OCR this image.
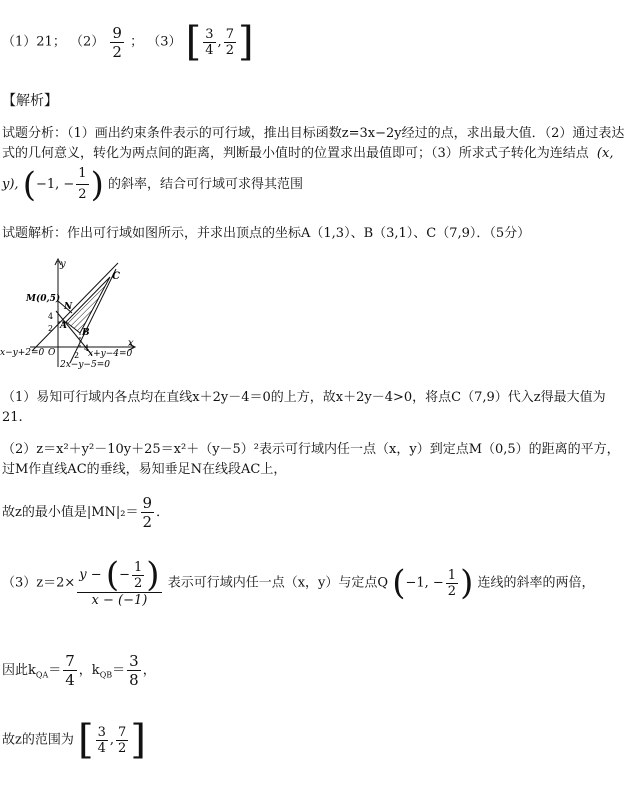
（1）21； $(2) \frac{9}{2}$ ； （3） [ $\frac{3}{4}$ , $\frac{7}{2}$ ]
【解析】
试题分析：（1）画出约束条件表示的可行域，推出目标函数z=3x−2y经过的点，求出最大值．（2）通过表达式的几何意义，转化为两点间的距离，判断最小值时的位置求出最值即可；（3）所求式子转化为连结点 (x, y), (−1, − $\frac{1}{2}$ ) 的斜率，结合可行域可求得其范围
试题解析：作出可行域如图所示，并求出顶点的坐标A（1,3）、B（3,1）、C（7,9）．（5分）
y
x
C
M(0,5)
N
A
B
O
4
2
2
4
x−y+2=0	x+y−4=0
2x−y−5=0
（1）易知可行域内各点均在直线x＋2y－4＝0的上方，故x＋2y－4>0，将点C（7,9）代入z得最大值为21.
（2）z＝x²＋y²－10y＋25＝x²＋（y－5）²表示可行域内任一点（x，y）到定点M（0,5）的距离的平方，过M作直线AC的垂线，易知垂足N在线段AC上，
故z的最小值是$|MN|_2= \frac{9}{2}$ ．
$(3)z=2\times \frac{y - (- \frac{1}{2} )}{x - (-1)}$ 表示可行域内任一点（x，y）与定点Q (−1, − $\frac{1}{2}$ ) 连线的斜率的两倍，
因此$k_{QA}= \frac{7}{4}$ ，$k_{QB}= \frac{3}{8}$ ，
故z的范围为 [ $\frac{3}{4}$ , $\frac{7}{2}$ ]
